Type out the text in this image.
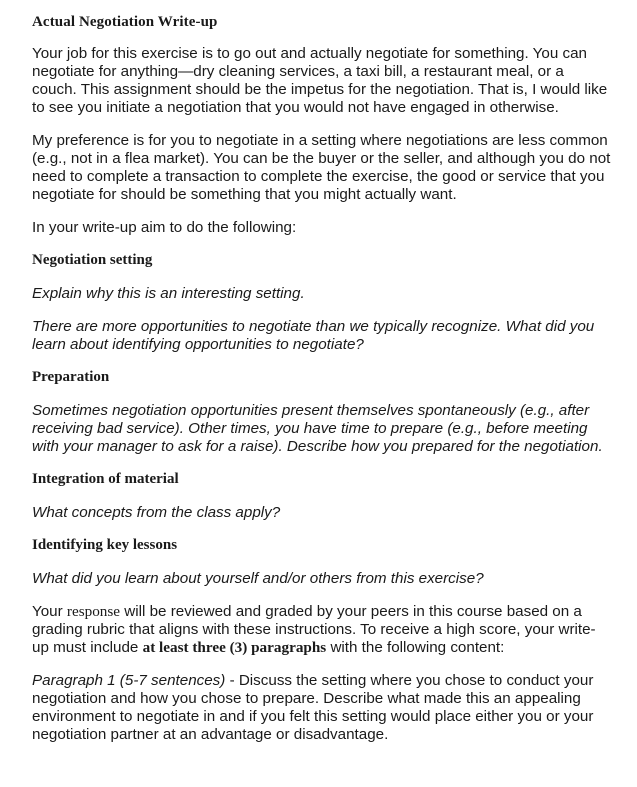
Actual Negotiation Write-up
Your job for this exercise is to go out and actually negotiate for something. You can negotiate for anything—dry cleaning services, a taxi bill, a restaurant meal, or a couch. This assignment should be the impetus for the negotiation. That is, I would like to see you initiate a negotiation that you would not have engaged in otherwise.
My preference is for you to negotiate in a setting where negotiations are less common (e.g., not in a flea market). You can be the buyer or the seller, and although you do not need to complete a transaction to complete the exercise, the good or service that you negotiate for should be something that you might actually want.
In your write-up aim to do the following:
Negotiation setting
Explain why this is an interesting setting.
There are more opportunities to negotiate than we typically recognize. What did you learn about identifying opportunities to negotiate?
Preparation
Sometimes negotiation opportunities present themselves spontaneously (e.g., after receiving bad service). Other times, you have time to prepare (e.g., before meeting with your manager to ask for a raise). Describe how you prepared for the negotiation.
Integration of material
What concepts from the class apply?
Identifying key lessons
What did you learn about yourself and/or others from this exercise?
Your response will be reviewed and graded by your peers in this course based on a grading rubric that aligns with these instructions. To receive a high score, your write-up must include at least three (3) paragraphs with the following content:
Paragraph 1 (5-7 sentences) - Discuss the setting where you chose to conduct your negotiation and how you chose to prepare. Describe what made this an appealing environment to negotiate in and if you felt this setting would place either you or your negotiation partner at an advantage or disadvantage.
